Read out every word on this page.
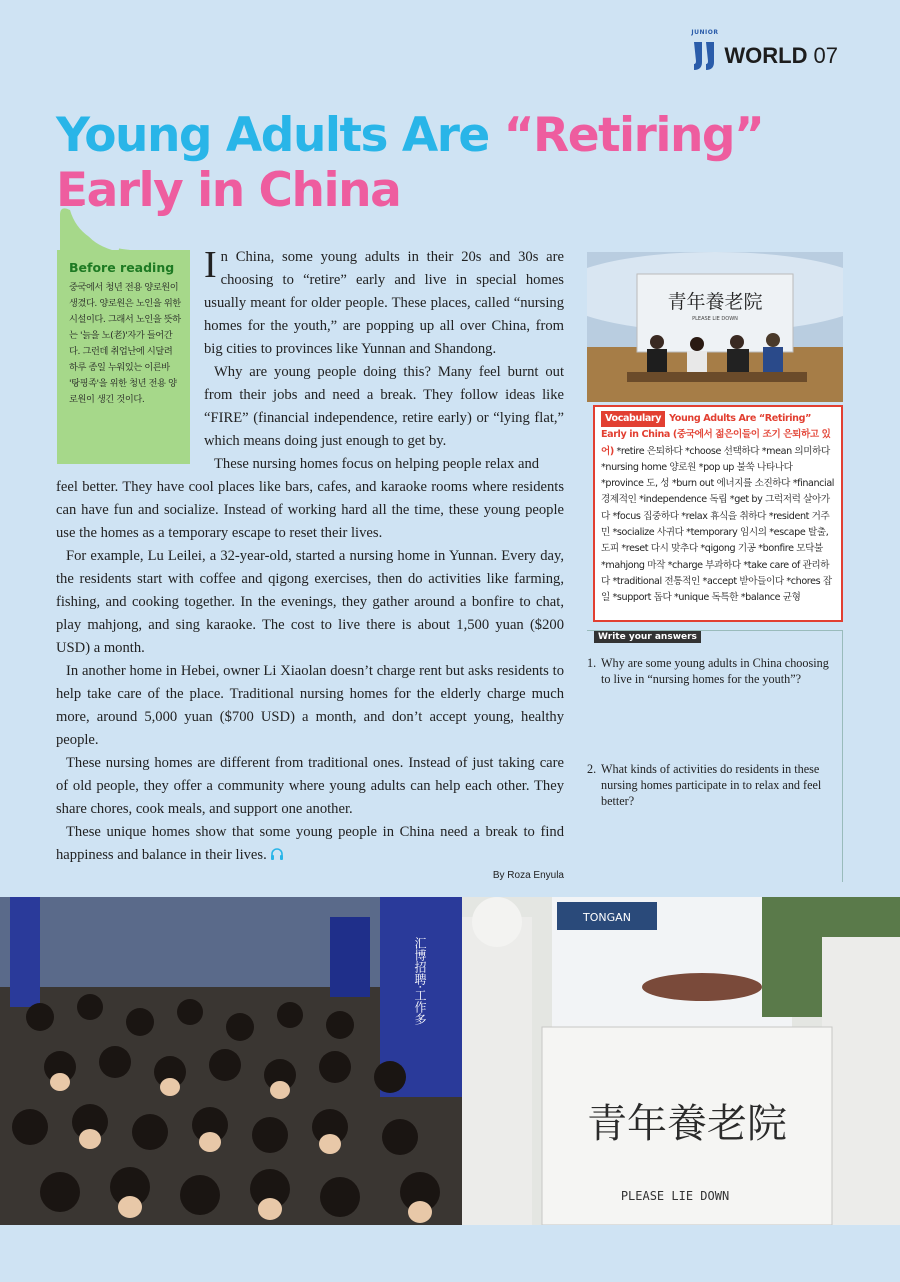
JUNIOR
WORLD 07
Young Adults Are “Retiring”
Early in China
Before reading

중국에서 청년 전용 양로원이 생겼다. 양로원은 노인을 위한 시설이다. 그래서 노인을 뜻하는 '늙을 노(老)'자가 들어간다. 그런데 취업난에 시달려 하루 종일 누워있는 이른바 '탕핑족'을 위한 청년 전용 양로원이 생긴 것이다.

In China, some young adults in their 20s and 30s are choosing to “retire” early and live in special homes usually meant for older people. These places, called “nursing homes for the youth,” are popping up all over China, from big cities to provinces like Yunnan and Shandong.

Why are young people doing this? Many feel burnt out from their jobs and need a break. They follow ideas like “FIRE” (financial independence, retire early) or “lying flat,” which means doing just enough to get by.

These nursing homes focus on helping people relax and

feel better. They have cool places like bars, cafes, and karaoke rooms where residents can have fun and socialize. Instead of working hard all the time, these young people use the homes as a temporary escape to reset their lives.

For example, Lu Leilei, a 32-year-old, started a nursing home in Yunnan. Every day, the residents start with coffee and qigong exercises, then do activities like farming, fishing, and cooking together. In the evenings, they gather around a bonfire to chat, play mahjong, and sing karaoke. The cost to live there is about 1,500 yuan ($200 USD) a month.

In another home in Hebei, owner Li Xiaolan doesn’t charge rent but asks residents to help take care of the place. Traditional nursing homes for the elderly charge much more, around 5,000 yuan ($700 USD) a month, and don’t accept young, healthy people.

These nursing homes are different from traditional ones. Instead of just taking care of old people, they offer a community where young adults can help each other. They share chores, cook meals, and support one another.

These unique homes show that some young people in China need a break to find happiness and balance in their lives.

By Roza Enyula
青年養老院
PLEASE LIE DOWN
Vocabulary Young Adults Are “Retiring” Early in China (중국에서 젊은이들이 조기 은퇴하고 있어) *retire 은퇴하다 *choose 선택하다 *mean 의미하다 *nursing home 양로원 *pop up 불쑥 나타나다 *province 도, 성 *burn out 에너지를 소진하다 *financial 경제적인 *independence 독립 *get by 그럭저럭 살아가다 *focus 집중하다 *relax 휴식을 취하다 *resident 거주민 *socialize 사귀다 *temporary 임시의 *escape 탈출, 도피 *reset 다시 맞추다 *qigong 기공 *bonfire 모닥불 *mahjong 마작 *charge 부과하다 *take care of 관리하다 *traditional 전통적인 *accept 받아들이다 *chores 잡일 *support 돕다 *unique 독특한 *balance 균형
Write your answers
1. Why are some young adults in China choosing to live in “nursing homes for the youth”?
2. What kinds of activities do residents in these nursing homes participate in to relax and feel better?
汇博招聘·工作多
TONGAN
青年養老院
PLEASE LIE DOWN
